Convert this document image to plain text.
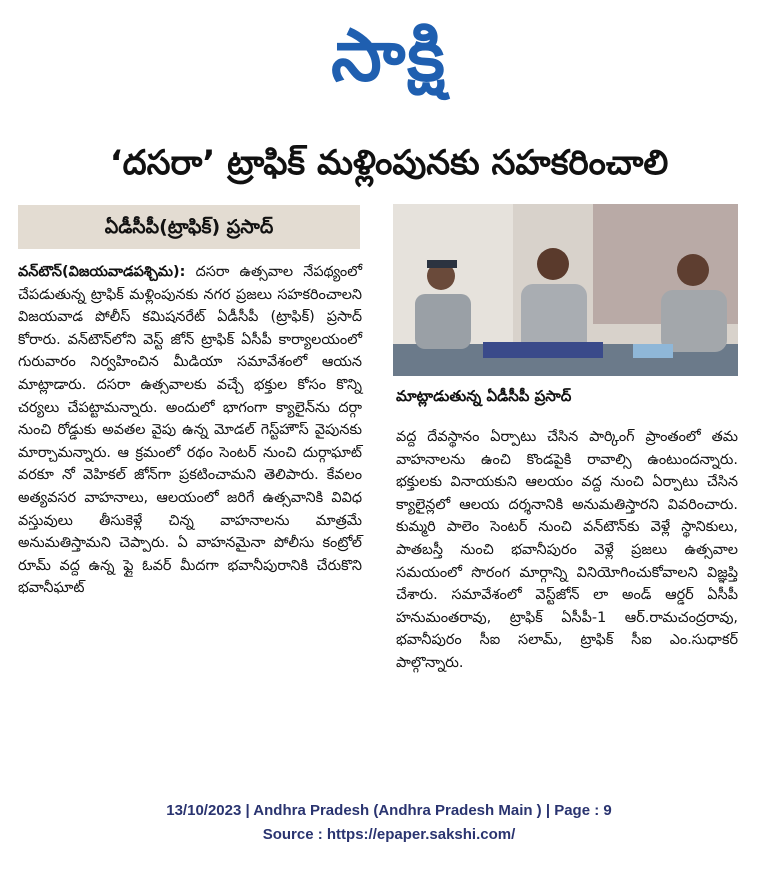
సాక్షి
‘దసరా’ ట్రాఫిక్ మళ్లింపునకు సహకరించాలి
ఏడీసీపీ(ట్రాఫిక్) ప్రసాద్

వన్‌టౌన్(విజయవాడపశ్చిమ): దసరా ఉత్సవాల నేపథ్యంలో చేపడుతున్న ట్రాఫిక్ మళ్లింపునకు నగర ప్రజలు సహకరించాలని విజయవాడ పోలీస్ కమిషనరేట్ ఏడీసీపీ (ట్రాఫిక్) ప్రసాద్ కోరారు. వన్‌టౌన్‌లోని వెస్ట్ జోన్ ట్రాఫిక్ ఏసీపీ కార్యాలయంలో గురువారం నిర్వహించిన మీడియా సమావేశంలో ఆయన మాట్లాడారు. దసరా ఉత్సవాలకు వచ్చే భక్తుల కోసం కొన్ని చర్యలు చేపట్టామన్నారు. అందులో భాగంగా క్యాలైన్‌ను దర్గా నుంచి రోడ్డుకు అవతల వైపు ఉన్న మోడల్ గెస్ట్‌హౌస్ వైపునకు మార్చామన్నారు. ఆ క్రమంలో రథం సెంటర్ నుంచి దుర్గాఘాట్ వరకూ నో వెహికల్ జోన్‌గా ప్రకటించామని తెలిపారు. కేవలం అత్యవసర వాహనాలు, ఆలయంలో జరిగే ఉత్సవానికి వివిధ వస్తువులు తీసుకెళ్లే చిన్న వాహనాలను మాత్రమే అనుమతిస్తామని చెప్పారు. ఏ వాహనమైనా పోలీసు కంట్రోల్ రూమ్ వద్ద ఉన్న ఫ్లై ఓవర్ మీదగా భవానీపురానికి చేరుకొని భవానీఘాట్

మాట్లాడుతున్న ఏడీసీపీ ప్రసాద్

వద్ద దేవస్థానం ఏర్పాటు చేసిన పార్కింగ్ ప్రాంతంలో తమ వాహనాలను ఉంచి కొండపైకి రావాల్సి ఉంటుందన్నారు. భక్తులకు వినాయకుని ఆలయం వద్ద నుంచి ఏర్పాటు చేసిన క్యాలైన్లలో ఆలయ దర్శనానికి అనుమతిస్తారని వివరించారు. కుమ్మరి పాలెం సెంటర్ నుంచి వన్‌టౌన్‌కు వెళ్లే స్థానికులు, పాతబస్తీ నుంచి భవానీపురం వెళ్లే ప్రజలు ఉత్సవాల సమయంలో సొరంగ మార్గాన్ని వినియోగించుకోవాలని విజ్ఞప్తి చేశారు. సమావేశంలో వెస్ట్‌జోన్ లా అండ్ ఆర్డర్ ఏసీపీ హనుమంతరావు, ట్రాఫిక్ ఏసీపీ-1 ఆర్.రామచంద్రరావు, భవానీపురం సీఐ సలామ్, ట్రాఫిక్ సీఐ ఎం.సుధాకర్ పాల్గొన్నారు.

13/10/2023 | Andhra Pradesh (Andhra Pradesh Main ) | Page : 9
Source : https://epaper.sakshi.com/
